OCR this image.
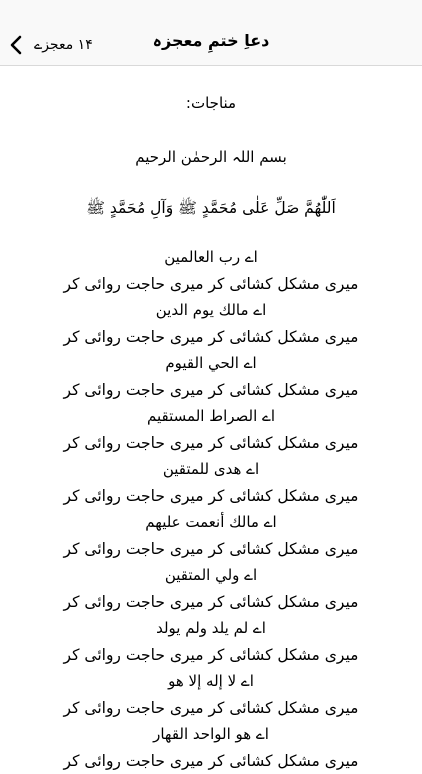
۱۴ معجزے	دعاِ ختمِ معجزہ
مناجات:
بسم اللہ الرحمٰن الرحیم
اَللّٰھُمَّ صَلِّ عَلٰی مُحَمَّدٍ ﷺ وَآلِ مُحَمَّدٍ ﷺ
اے رب العالمین
میری مشکل کشائی کر میری حاجت روائی کر
اے مالك يوم الدين
میری مشکل کشائی کر میری حاجت روائی کر
اے الحي القيوم
میری مشکل کشائی کر میری حاجت روائی کر
اے الصراط المستقيم
میری مشکل کشائی کر میری حاجت روائی کر
اے هدى للمتقين
میری مشکل کشائی کر میری حاجت روائی کر
اے مالك أنعمت عليهم
میری مشکل کشائی کر میری حاجت روائی کر
اے ولي المتقين
میری مشکل کشائی کر میری حاجت روائی کر
اے لم يلد ولم يولد
میری مشکل کشائی کر میری حاجت روائی کر
اے لا إله إلا هو
میری مشکل کشائی کر میری حاجت روائی کر
اے هو الواحد القهار
میری مشکل کشائی کر میری حاجت روائی کر
